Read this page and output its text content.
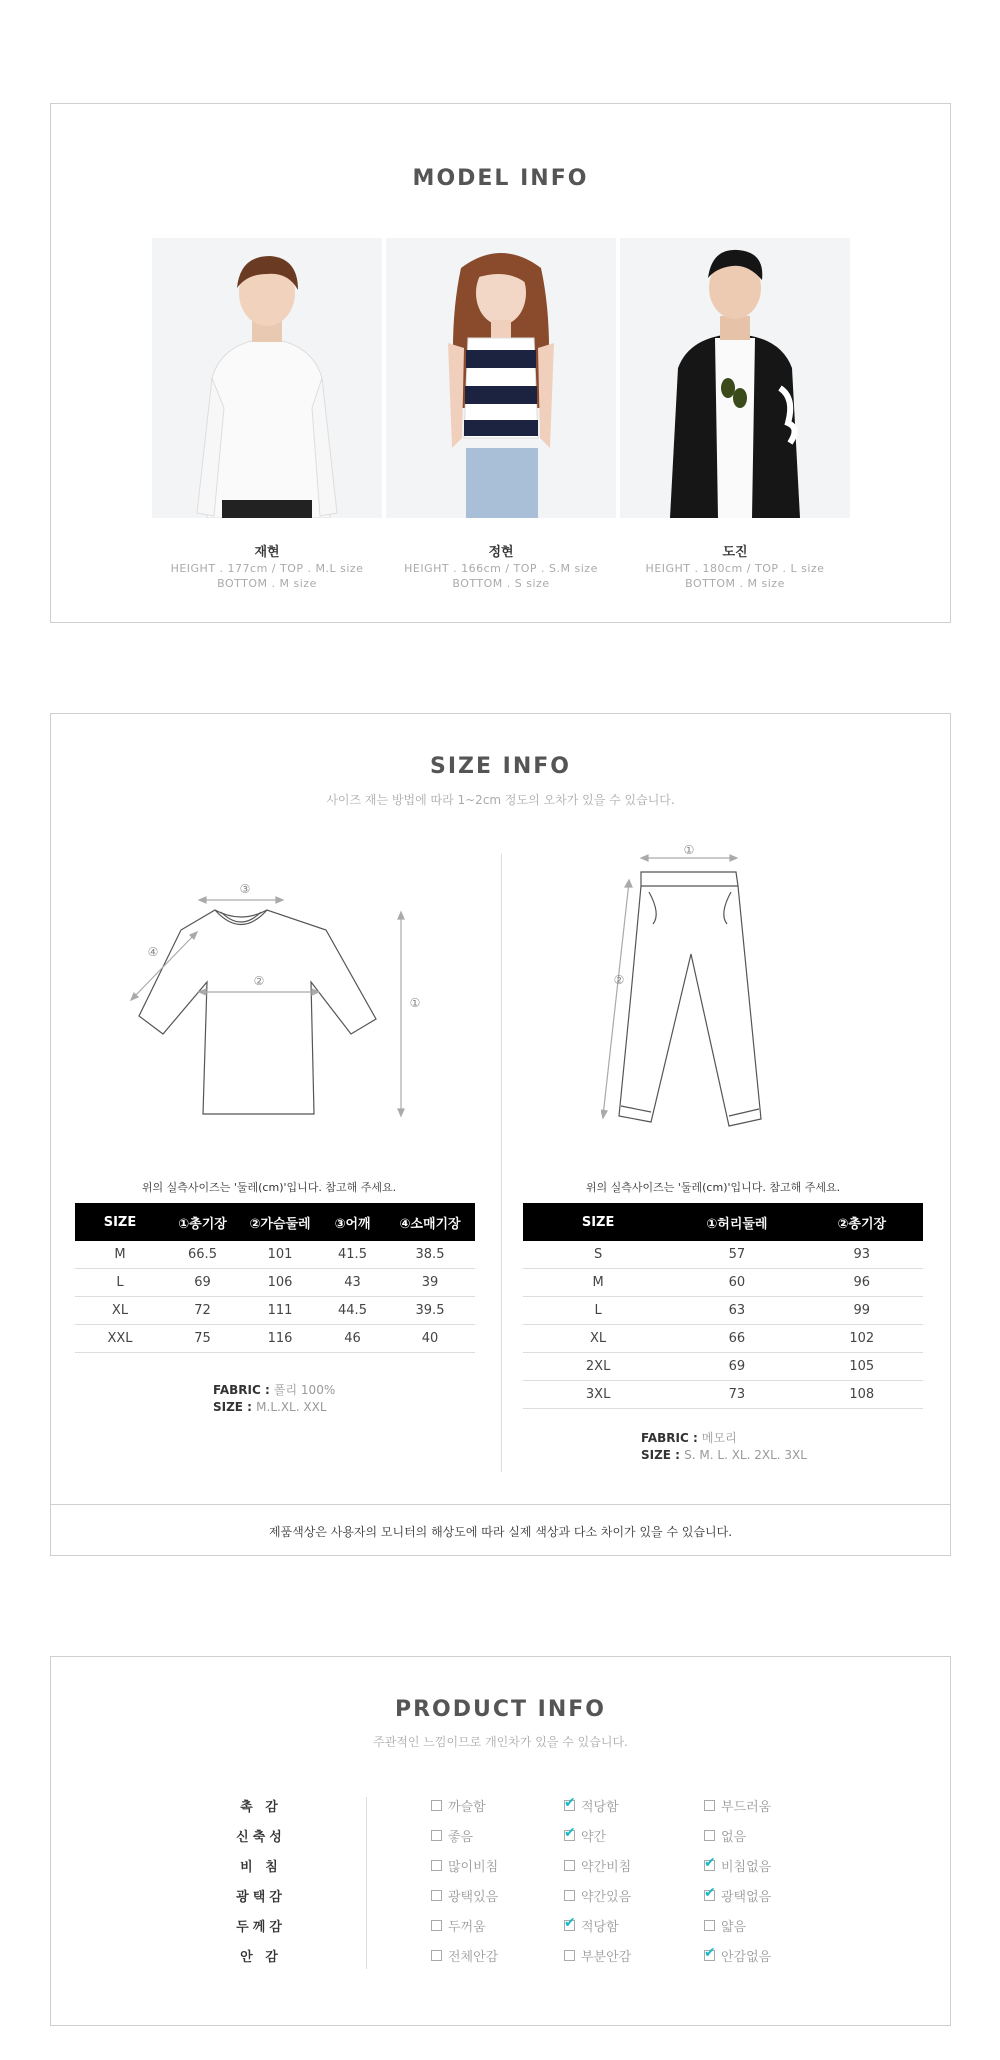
MODEL INFO
재현
HEIGHT . 177cm / TOP . M.L size
BOTTOM . M size
정현
HEIGHT . 166cm / TOP . S.M size
BOTTOM . S size
도진
HEIGHT . 180cm / TOP . L size
BOTTOM . M size
SIZE INFO
사이즈 재는 방법에 따라 1~2cm 정도의 오차가 있을 수 있습니다.
③
④
②
①
위의 실측사이즈는 '둘레(cm)'입니다. 참고해 주세요.
SIZE	①총기장	②가슴둘레	③어깨	④소매기장
M	66.5	101	41.5	38.5
L	69	106	43	39
XL	72	111	44.5	39.5
XXL	75	116	46	40
FABRIC : 폴리 100%
SIZE : M.L.XL. XXL
①
②
위의 실측사이즈는 '둘레(cm)'입니다. 참고해 주세요.
SIZE	①허리둘레	②총기장
S	57	93
M	60	96
L	63	99
XL	66	102
2XL	69	105
3XL	73	108
FABRIC : 메모리
SIZE : S. M. L. XL. 2XL. 3XL
제품색상은 사용자의 모니터의 해상도에 따라 실제 색상과 다소 차이가 있을 수 있습니다.
PRODUCT INFO
주관적인 느낌이므로 개인차가 있을 수 있습니다.
촉 감	까슬함 ✔	적당함	부드러움
신축성	좋음 ✔	약간	없음
비 침	많이비침	약간비침 ✔	비침없음
광택감	광택있음	약간있음 ✔	광택없음
두께감	두꺼움 ✔	적당함	얇음
안 감	전체안감	부분안감 ✔	안감없음
